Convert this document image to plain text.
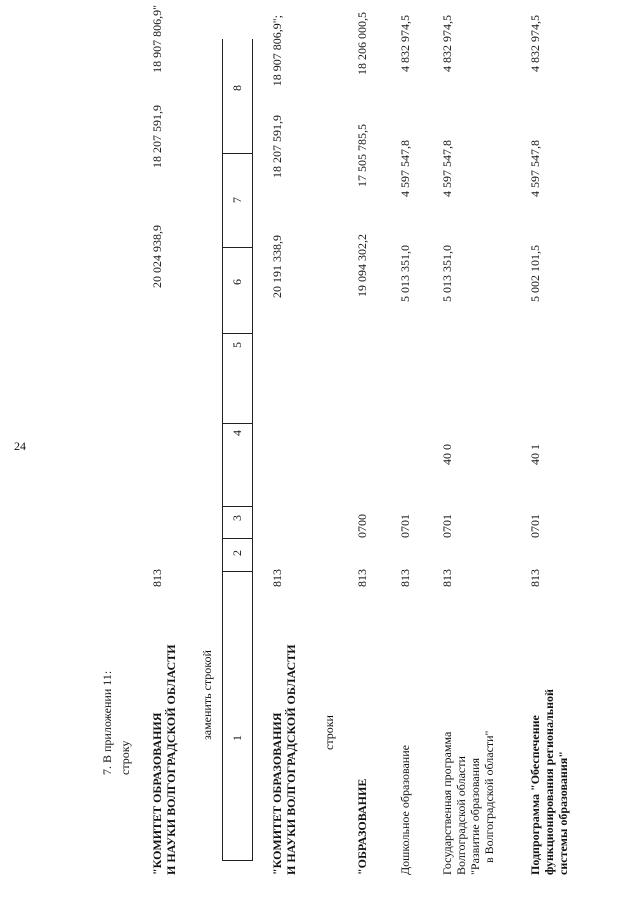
24
7. В приложении 11: строку
"КОМИТЕТ ОБРАЗОВАНИЯ
И НАУКИ ВОЛГОГРАДСКОЙ ОБЛАСТИ
813
20 024 938,9
18 207 591,9
18 907 806,9"
заменить строкой 1
2
3
4
5
6
7
8
"КОМИТЕТ ОБРАЗОВАНИЯ
И НАУКИ ВОЛГОГРАДСКОЙ ОБЛАСТИ
813
20 191 338,9
18 207 591,9
18 907 806,9";
строки
"ОБРАЗОВАНИЕ
813
0700
19 094 302,2
17 505 785,5
18 206 000,5
Дошкольное образование
813
0701
5 013 351,0
4 597 547,8
4 832 974,5
Государственная программа
Волгоградской области
"Развитие образования
в Волгоградской области"
813
0701
40 0
5 013 351,0
4 597 547,8
4 832 974,5
Подпрограмма "Обеспечение
функционирования региональной
системы образования"
813
0701
40 1
5 002 101,5
4 597 547,8
4 832 974,5
